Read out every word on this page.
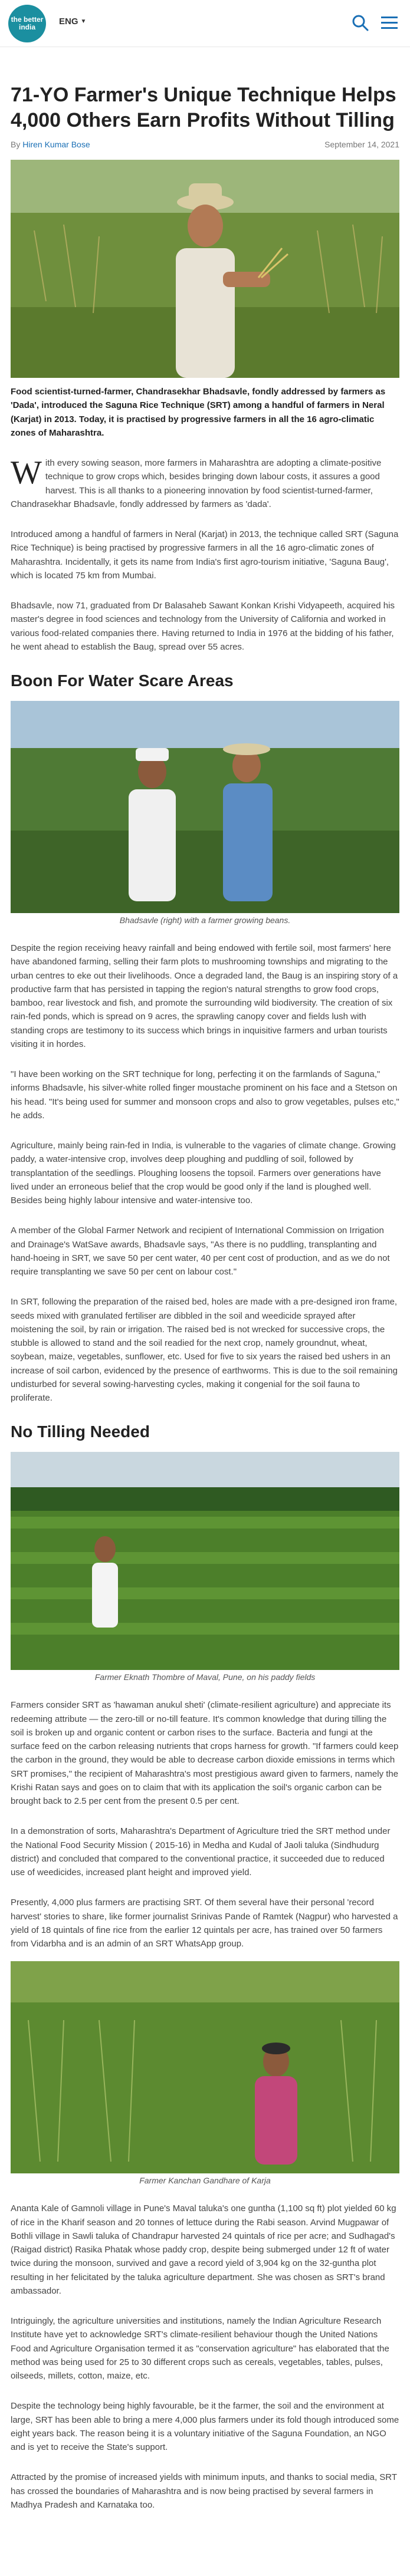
the better india
ENG ▼
71-YO Farmer's Unique Technique Helps 4,000 Others Earn Profits Without Tilling
By Hiren Kumar Bose	September 14, 2021

Food scientist-turned-farmer, Chandrasekhar Bhadsavle, fondly addressed by farmers as 'Dada', introduced the Saguna Rice Technique (SRT) among a handful of farmers in Neral (Karjat) in 2013. Today, it is practised by progressive farmers in all the 16 agro-climatic zones of Maharashtra.

With every sowing season, more farmers in Maharashtra are adopting a climate-positive technique to grow crops which, besides bringing down labour costs, it assures a good harvest. This is all thanks to a pioneering innovation by food scientist-turned-farmer, Chandrasekhar Bhadsavle, fondly addressed by farmers as 'dada'.

Introduced among a handful of farmers in Neral (Karjat) in 2013, the technique called SRT (Saguna Rice Technique) is being practised by progressive farmers in all the 16 agro-climatic zones of Maharashtra. Incidentally, it gets its name from India's first agro-tourism initiative, 'Saguna Baug', which is located 75 km from Mumbai.

Bhadsavle, now 71, graduated from Dr Balasaheb Sawant Konkan Krishi Vidyapeeth, acquired his master's degree in food sciences and technology from the University of California and worked in various food-related companies there. Having returned to India in 1976 at the bidding of his father, he went ahead to establish the Baug, spread over 55 acres.

Boon For Water Scare Areas

Bhadsavle (right) with a farmer growing beans.

Despite the region receiving heavy rainfall and being endowed with fertile soil, most farmers' here have abandoned farming, selling their farm plots to mushrooming townships and migrating to the urban centres to eke out their livelihoods. Once a degraded land, the Baug is an inspiring story of a productive farm that has persisted in tapping the region's natural strengths to grow food crops, bamboo, rear livestock and fish, and promote the surrounding wild biodiversity. The creation of six rain-fed ponds, which is spread on 9 acres, the sprawling canopy cover and fields lush with standing crops are testimony to its success which brings in inquisitive farmers and urban tourists visiting it in hordes.

"I have been working on the SRT technique for long, perfecting it on the farmlands of Saguna," informs Bhadsavle, his silver-white rolled finger moustache prominent on his face and a Stetson on his head. "It's being used for summer and monsoon crops and also to grow vegetables, pulses etc," he adds.

Agriculture, mainly being rain-fed in India, is vulnerable to the vagaries of climate change. Growing paddy, a water-intensive crop, involves deep ploughing and puddling of soil, followed by transplantation of the seedlings. Ploughing loosens the topsoil. Farmers over generations have lived under an erroneous belief that the crop would be good only if the land is ploughed well. Besides being highly labour intensive and water-intensive too.

A member of the Global Farmer Network and recipient of International Commission on Irrigation and Drainage's WatSave awards, Bhadsavle says, "As there is no puddling, transplanting and hand-hoeing in SRT, we save 50 per cent water, 40 per cent cost of production, and as we do not require transplanting we save 50 per cent on labour cost."

In SRT, following the preparation of the raised bed, holes are made with a pre-designed iron frame, seeds mixed with granulated fertiliser are dibbled in the soil and weedicide sprayed after moistening the soil, by rain or irrigation. The raised bed is not wrecked for successive crops, the stubble is allowed to stand and the soil readied for the next crop, namely groundnut, wheat, soybean, maize, vegetables, sunflower, etc. Used for five to six years the raised bed ushers in an increase of soil carbon, evidenced by the presence of earthworms. This is due to the soil remaining undisturbed for several sowing-harvesting cycles, making it congenial for the soil fauna to proliferate.

No Tilling Needed

Farmer Eknath Thombre of Maval, Pune, on his paddy fields

Farmers consider SRT as 'hawaman anukul sheti' (climate-resilient agriculture) and appreciate its redeeming attribute — the zero-till or no-till feature. It's common knowledge that during tilling the soil is broken up and organic content or carbon rises to the surface. Bacteria and fungi at the surface feed on the carbon releasing nutrients that crops harness for growth. "If farmers could keep the carbon in the ground, they would be able to decrease carbon dioxide emissions in terms which SRT promises," the recipient of Maharashtra's most prestigious award given to farmers, namely the Krishi Ratan says and goes on to claim that with its application the soil's organic carbon can be brought back to 2.5 per cent from the present 0.5 per cent.

In a demonstration of sorts, Maharashtra's Department of Agriculture tried the SRT method under the National Food Security Mission ( 2015-16) in Medha and Kudal of Jaoli taluka (Sindhudurg district) and concluded that compared to the conventional practice, it succeeded due to reduced use of weedicides, increased plant height and improved yield.

Presently, 4,000 plus farmers are practising SRT. Of them several have their personal 'record harvest' stories to share, like former journalist Srinivas Pande of Ramtek (Nagpur) who harvested a yield of 18 quintals of fine rice from the earlier 12 quintals per acre, has trained over 50 farmers from Vidarbha and is an admin of an SRT WhatsApp group.

Farmer Kanchan Gandhare of Karja

Ananta Kale of Gamnoli village in Pune's Maval taluka's one guntha (1,100 sq ft) plot yielded 60 kg of rice in the Kharif season and 20 tonnes of lettuce during the Rabi season. Arvind Mugpawar of Bothli village in Sawli taluka of Chandrapur harvested 24 quintals of rice per acre; and Sudhagad's (Raigad district) Rasika Phatak whose paddy crop, despite being submerged under 12 ft of water twice during the monsoon, survived and gave a record yield of 3,904 kg on the 32-guntha plot resulting in her felicitated by the taluka agriculture department. She was chosen as SRT's brand ambassador.

Intriguingly, the agriculture universities and institutions, namely the Indian Agriculture Research Institute have yet to acknowledge SRT's climate-resilient behaviour though the United Nations Food and Agriculture Organisation termed it as "conservation agriculture" has elaborated that the method was being used for 25 to 30 different crops such as cereals, vegetables, tables, pulses, oilseeds, millets, cotton, maize, etc.

Despite the technology being highly favourable, be it the farmer, the soil and the environment at large, SRT has been able to bring a mere 4,000 plus farmers under its fold though introduced some eight years back. The reason being it is a voluntary initiative of the Saguna Foundation, an NGO and is yet to receive the State's support.

Attracted by the promise of increased yields with minimum inputs, and thanks to social media, SRT has crossed the boundaries of Maharashtra and is now being practised by several farmers in Madhya Pradesh and Karnataka too.
